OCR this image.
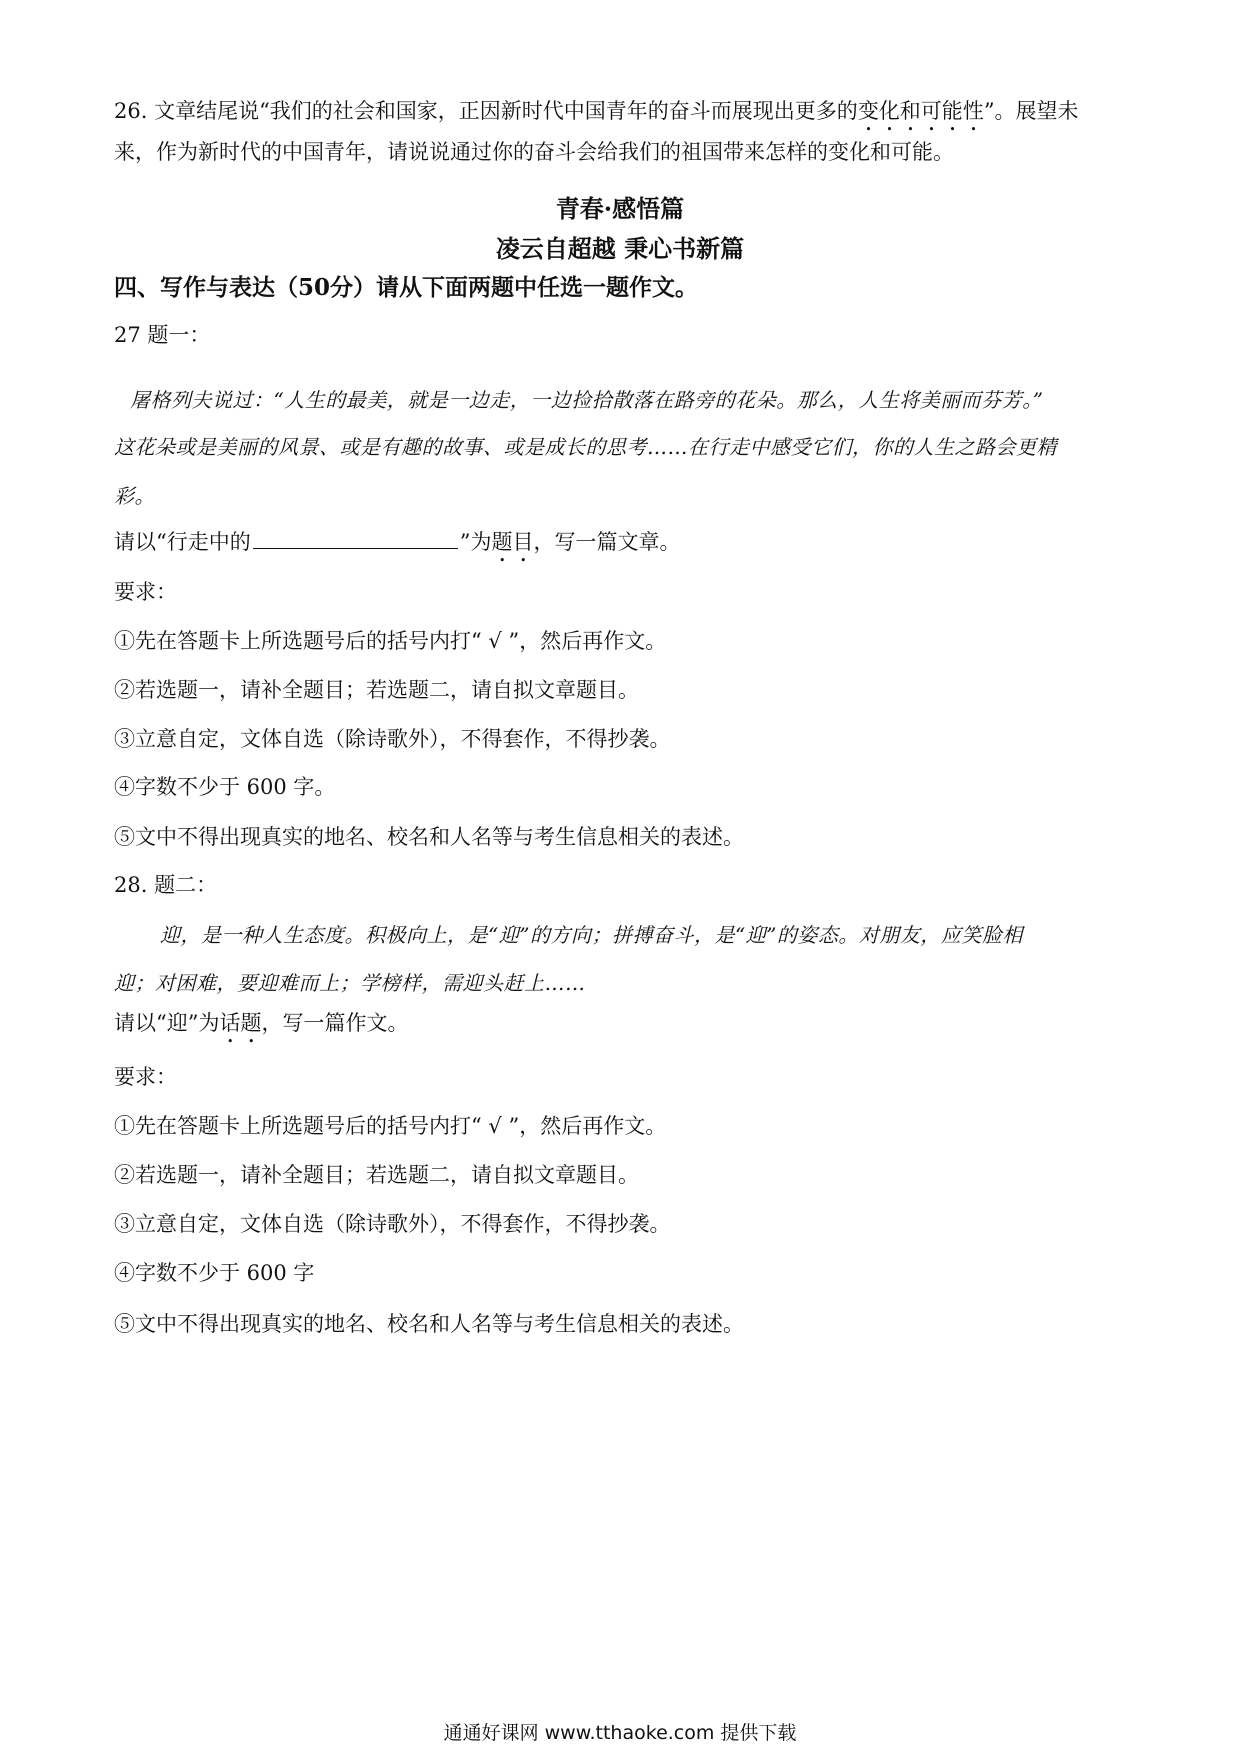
26. 文章结尾说“我们的社会和国家，正因新时代中国青年的奋斗而展现出更多的变化和可能性”。展望未
来，作为新时代的中国青年，请说说通过你的奋斗会给我们的祖国带来怎样的变化和可能。
青春·感悟篇
凌云自超越 秉心书新篇
四、写作与表达（50分）请从下面两题中任选一题作文。
27 题一：
屠格列夫说过：“人生的最美，就是一边走，一边捡拾散落在路旁的花朵。那么，人生将美丽而芬芳。”
这花朵或是美丽的风景、或是有趣的故事、或是成长的思考……在行走中感受它们，你的人生之路会更精
彩。
请以“行走中的	”为题目，写一篇文章。
要求：
①先在答题卡上所选题号后的括号内打“ √ ”，然后再作文。
②若选题一，请补全题目；若选题二，请自拟文章题目。
③立意自定，文体自选（除诗歌外），不得套作，不得抄袭。
④字数不少于 600 字。
⑤文中不得出现真实的地名、校名和人名等与考生信息相关的表述。
28. 题二：
迎，是一种人生态度。积极向上，是“迎”的方向；拼搏奋斗，是“迎”的姿态。对朋友，应笑脸相
迎；对困难，要迎难而上；学榜样，需迎头赶上……
请以“迎”为话题，写一篇作文。
要求：
①先在答题卡上所选题号后的括号内打“ √ ”，然后再作文。
②若选题一，请补全题目；若选题二，请自拟文章题目。
③立意自定，文体自选（除诗歌外），不得套作，不得抄袭。
④字数不少于 600 字
⑤文中不得出现真实的地名、校名和人名等与考生信息相关的表述。
通通好课网 www.tthaoke.com 提供下载
